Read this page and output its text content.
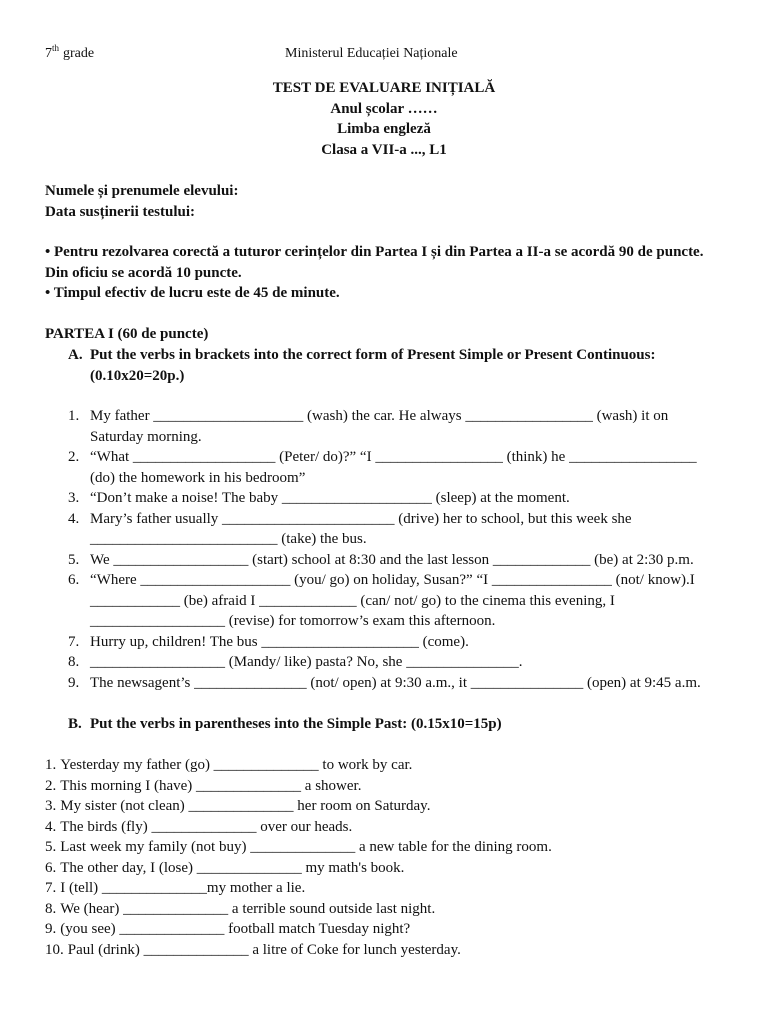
7th grade	Ministerul Educației Naționale
TEST DE EVALUARE INIȚIALĂ
Anul școlar ……
Limba engleză
Clasa a VII-a ..., L1
Numele și prenumele elevului:
Data susținerii testului:
• Pentru rezolvarea corectă a tuturor cerințelor din Partea I și din Partea a II-a se acordă 90 de puncte.
Din oficiu se acordă 10 puncte.
• Timpul efectiv de lucru este de 45 de minute.
PARTEA I (60 de puncte)
A. Put the verbs in brackets into the correct form of Present Simple or Present Continuous:
(0.10x20=20p.)
1. My father ____________________ (wash) the car. He always _________________ (wash) it on
Saturday morning.
2. “What ___________________ (Peter/ do)?” “I _________________ (think) he _________________
(do) the homework in his bedroom”
3. “Don’t make a noise! The baby ____________________ (sleep) at the moment.
4. Mary’s father usually _______________________ (drive) her to school, but this week she
_________________________ (take) the bus.
5. We __________________ (start) school at 8:30 and the last lesson _____________ (be) at 2:30 p.m.
6. “Where ____________________ (you/ go) on holiday, Susan?” “I ________________ (not/ know).I
____________ (be) afraid I _____________ (can/ not/ go) to the cinema this evening, I
__________________ (revise) for tomorrow’s exam this afternoon.
7. Hurry up, children! The bus _____________________ (come).
8. __________________ (Mandy/ like) pasta? No, she _______________.
9. The newsagent’s _______________ (not/ open) at 9:30 a.m., it _______________ (open) at 9:45 a.m.
B. Put the verbs in parentheses into the Simple Past: (0.15x10=15p)
1. Yesterday my father (go) ______________ to work by car.
2. This morning I (have) ______________ a shower.
3. My sister (not clean) ______________ her room on Saturday.
4. The birds (fly) ______________ over our heads.
5. Last week my family (not buy) ______________ a new table for the dining room.
6. The other day, I (lose) ______________ my math's book.
7. I (tell) ______________my mother a lie.
8. We (hear) ______________ a terrible sound outside last night.
9. (you see) ______________ football match Tuesday night?
10. Paul (drink) ______________ a litre of Coke for lunch yesterday.
